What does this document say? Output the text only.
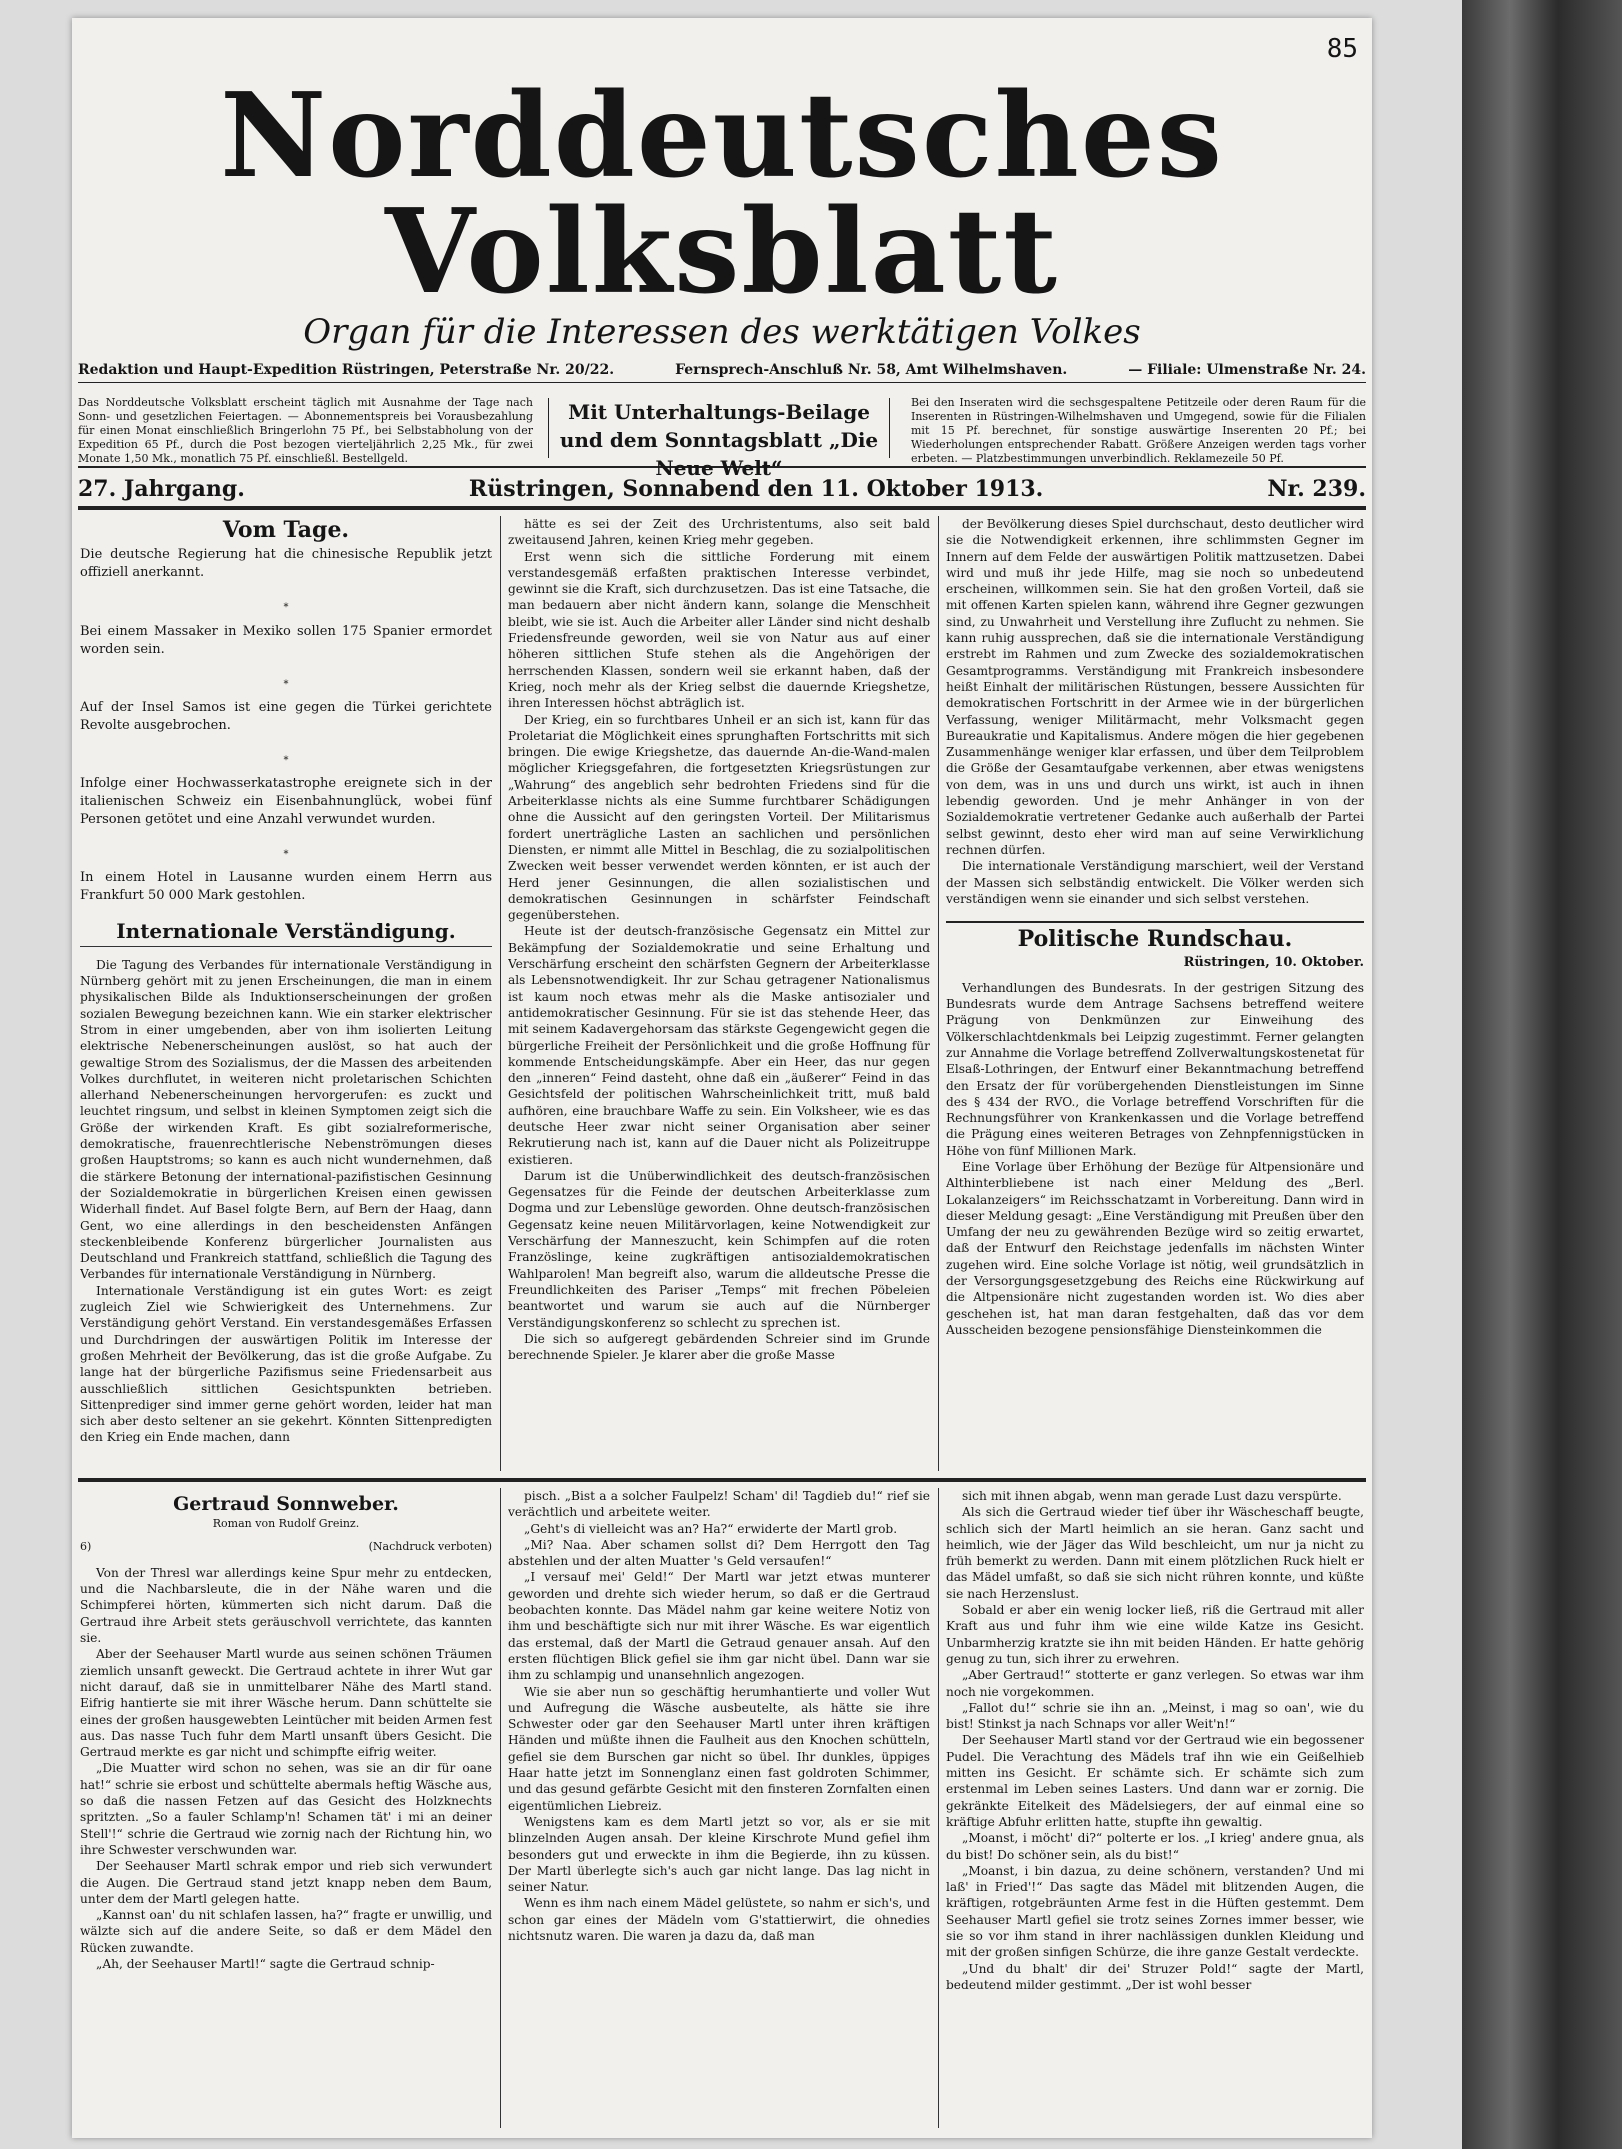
85
Norddeutsches Volksblatt
Organ für die Interessen des werktätigen Volkes
Redaktion und Haupt-Expedition Rüstringen, Peterstraße Nr. 20/22.	Fernsprech-Anschluß Nr. 58, Amt Wilhelmshaven.	— Filiale: Ulmenstraße Nr. 24.
Das Norddeutsche Volksblatt erscheint täglich mit Ausnahme der Tage nach Sonn- und gesetzlichen Feiertagen. — Abonnementspreis bei Vorausbezahlung für einen Monat einschließlich Bringerlohn 75 Pf., bei Selbstabholung von der Expedition 65 Pf., durch die Post bezogen vierteljährlich 2,25 Mk., für zwei Monate 1,50 Mk., monatlich 75 Pf. einschließl. Bestellgeld.
Mit Unterhaltungs-Beilage
und dem Sonntagsblatt „Die Neue Welt“
Bei den Inseraten wird die sechsgespaltene Petitzeile oder deren Raum für die Inserenten in Rüstringen-Wilhelmshaven und Umgegend, sowie für die Filialen mit 15 Pf. berechnet, für sonstige auswärtige Inserenten 20 Pf.; bei Wiederholungen entsprechender Rabatt. Größere Anzeigen werden tags vorher erbeten. — Platzbestimmungen unverbindlich. Reklamezeile 50 Pf.
27. Jahrgang.	Rüstringen, Sonnabend den 11. Oktober 1913.	Nr. 239.
Vom Tage.

Die deutsche Regierung hat die chinesische Republik jetzt offiziell anerkannt.

*

Bei einem Massaker in Mexiko sollen 175 Spanier ermordet worden sein.

*

Auf der Insel Samos ist eine gegen die Türkei gerichtete Revolte ausgebrochen.

*

Infolge einer Hochwasserkatastrophe ereignete sich in der italienischen Schweiz ein Eisenbahnunglück, wobei fünf Personen getötet und eine Anzahl verwundet wurden.

*

In einem Hotel in Lausanne wurden einem Herrn aus Frankfurt 50 000 Mark gestohlen.

Internationale Verständigung.

Die Tagung des Verbandes für internationale Verständigung in Nürnberg gehört mit zu jenen Erscheinungen, die man in einem physikalischen Bilde als Induktionserscheinungen der großen sozialen Bewegung bezeichnen kann. Wie ein starker elektrischer Strom in einer umgebenden, aber von ihm isolierten Leitung elektrische Nebenerscheinungen auslöst, so hat auch der gewaltige Strom des Sozialismus, der die Massen des arbeitenden Volkes durchflutet, in weiteren nicht proletarischen Schichten allerhand Nebenerscheinungen hervorgerufen: es zuckt und leuchtet ringsum, und selbst in kleinen Symptomen zeigt sich die Größe der wirkenden Kraft. Es gibt sozialreformerische, demokratische, frauenrechtlerische Nebenströmungen dieses großen Hauptstroms; so kann es auch nicht wundernehmen, daß die stärkere Betonung der international-pazifistischen Gesinnung der Sozialdemokratie in bürgerlichen Kreisen einen gewissen Widerhall findet. Auf Basel folgte Bern, auf Bern der Haag, dann Gent, wo eine allerdings in den bescheidensten Anfängen steckenbleibende Konferenz bürgerlicher Journalisten aus Deutschland und Frankreich stattfand, schließlich die Tagung des Verbandes für internationale Verständigung in Nürnberg.

Internationale Verständigung ist ein gutes Wort: es zeigt zugleich Ziel wie Schwierigkeit des Unternehmens. Zur Verständigung gehört Verstand. Ein verstandesgemäßes Erfassen und Durchdringen der auswärtigen Politik im Interesse der großen Mehrheit der Bevölkerung, das ist die große Aufgabe. Zu lange hat der bürgerliche Pazifismus seine Friedensarbeit aus ausschließlich sittlichen Gesichtspunkten betrieben. Sittenprediger sind immer gerne gehört worden, leider hat man sich aber desto seltener an sie gekehrt. Könnten Sittenpredigten den Krieg ein Ende machen, dann

hätte es sei der Zeit des Urchristentums, also seit bald zweitausend Jahren, keinen Krieg mehr gegeben.

Erst wenn sich die sittliche Forderung mit einem verstandesgemäß erfaßten praktischen Interesse verbindet, gewinnt sie die Kraft, sich durchzusetzen. Das ist eine Tatsache, die man bedauern aber nicht ändern kann, solange die Menschheit bleibt, wie sie ist. Auch die Arbeiter aller Länder sind nicht deshalb Friedensfreunde geworden, weil sie von Natur aus auf einer höheren sittlichen Stufe stehen als die Angehörigen der herrschenden Klassen, sondern weil sie erkannt haben, daß der Krieg, noch mehr als der Krieg selbst die dauernde Kriegshetze, ihren Interessen höchst abträglich ist.

Der Krieg, ein so furchtbares Unheil er an sich ist, kann für das Proletariat die Möglichkeit eines sprunghaften Fortschritts mit sich bringen. Die ewige Kriegshetze, das dauernde An-die-Wand-malen möglicher Kriegsgefahren, die fortgesetzten Kriegsrüstungen zur „Wahrung“ des angeblich sehr bedrohten Friedens sind für die Arbeiterklasse nichts als eine Summe furchtbarer Schädigungen ohne die Aussicht auf den geringsten Vorteil. Der Militarismus fordert unerträgliche Lasten an sachlichen und persönlichen Diensten, er nimmt alle Mittel in Beschlag, die zu sozialpolitischen Zwecken weit besser verwendet werden könnten, er ist auch der Herd jener Gesinnungen, die allen sozialistischen und demokratischen Gesinnungen in schärfster Feindschaft gegenüberstehen.

Heute ist der deutsch-französische Gegensatz ein Mittel zur Bekämpfung der Sozialdemokratie und seine Erhaltung und Verschärfung erscheint den schärfsten Gegnern der Arbeiterklasse als Lebensnotwendigkeit. Ihr zur Schau getragener Nationalismus ist kaum noch etwas mehr als die Maske antisozialer und antidemokratischer Gesinnung. Für sie ist das stehende Heer, das mit seinem Kadavergehorsam das stärkste Gegengewicht gegen die bürgerliche Freiheit der Persönlichkeit und die große Hoffnung für kommende Entscheidungskämpfe. Aber ein Heer, das nur gegen den „inneren“ Feind dasteht, ohne daß ein „äußerer“ Feind in das Gesichtsfeld der politischen Wahrscheinlichkeit tritt, muß bald aufhören, eine brauchbare Waffe zu sein. Ein Volksheer, wie es das deutsche Heer zwar nicht seiner Organisation aber seiner Rekrutierung nach ist, kann auf die Dauer nicht als Polizeitruppe existieren.

Darum ist die Unüberwindlichkeit des deutsch-französischen Gegensatzes für die Feinde der deutschen Arbeiterklasse zum Dogma und zur Lebenslüge geworden. Ohne deutsch-französischen Gegensatz keine neuen Militärvorlagen, keine Notwendigkeit zur Verschärfung der Manneszucht, kein Schimpfen auf die roten Französlinge, keine zugkräftigen antisozialdemokratischen Wahlparolen! Man begreift also, warum die alldeutsche Presse die Freundlichkeiten des Pariser „Temps“ mit frechen Pöbeleien beantwortet und warum sie auch auf die Nürnberger Verständigungskonferenz so schlecht zu sprechen ist.

Die sich so aufgeregt gebärdenden Schreier sind im Grunde berechnende Spieler. Je klarer aber die große Masse

der Bevölkerung dieses Spiel durchschaut, desto deutlicher wird sie die Notwendigkeit erkennen, ihre schlimmsten Gegner im Innern auf dem Felde der auswärtigen Politik mattzusetzen. Dabei wird und muß ihr jede Hilfe, mag sie noch so unbedeutend erscheinen, willkommen sein. Sie hat den großen Vorteil, daß sie mit offenen Karten spielen kann, während ihre Gegner gezwungen sind, zu Unwahrheit und Verstellung ihre Zuflucht zu nehmen. Sie kann ruhig aussprechen, daß sie die internationale Verständigung erstrebt im Rahmen und zum Zwecke des sozialdemokratischen Gesamtprogramms. Verständigung mit Frankreich insbesondere heißt Einhalt der militärischen Rüstungen, bessere Aussichten für demokratischen Fortschritt in der Armee wie in der bürgerlichen Verfassung, weniger Militärmacht, mehr Volksmacht gegen Bureaukratie und Kapitalismus. Andere mögen die hier gegebenen Zusammenhänge weniger klar erfassen, und über dem Teilproblem die Größe der Gesamtaufgabe verkennen, aber etwas wenigstens von dem, was in uns und durch uns wirkt, ist auch in ihnen lebendig geworden. Und je mehr Anhänger in von der Sozialdemokratie vertretener Gedanke auch außerhalb der Partei selbst gewinnt, desto eher wird man auf seine Verwirklichung rechnen dürfen.

Die internationale Verständigung marschiert, weil der Verstand der Massen sich selbständig entwickelt. Die Völker werden sich verständigen wenn sie einander und sich selbst verstehen.

Politische Rundschau.
Rüstringen, 10. Oktober.

Verhandlungen des Bundesrats. In der gestrigen Sitzung des Bundesrats wurde dem Antrage Sachsens betreffend weitere Prägung von Denkmünzen zur Einweihung des Völkerschlachtdenkmals bei Leipzig zugestimmt. Ferner gelangten zur Annahme die Vorlage betreffend Zollverwaltungskostenetat für Elsaß-Lothringen, der Entwurf einer Bekanntmachung betreffend den Ersatz der für vorübergehenden Dienstleistungen im Sinne des § 434 der RVO., die Vorlage betreffend Vorschriften für die Rechnungsführer von Krankenkassen und die Vorlage betreffend die Prägung eines weiteren Betrages von Zehnpfennigstücken in Höhe von fünf Millionen Mark.

Eine Vorlage über Erhöhung der Bezüge für Altpensionäre und Althinterbliebene ist nach einer Meldung des „Berl. Lokalanzeigers“ im Reichsschatzamt in Vorbereitung. Dann wird in dieser Meldung gesagt: „Eine Verständigung mit Preußen über den Umfang der neu zu gewährenden Bezüge wird so zeitig erwartet, daß der Entwurf den Reichstage jedenfalls im nächsten Winter zugehen wird. Eine solche Vorlage ist nötig, weil grundsätzlich in der Versorgungsgesetzgebung des Reichs eine Rückwirkung auf die Altpensionäre nicht zugestanden worden ist. Wo dies aber geschehen ist, hat man daran festgehalten, daß das vor dem Ausscheiden bezogene pensionsfähige Diensteinkommen die

Gertraud Sonnweber.
Roman von Rudolf Greinz.
6)	(Nachdruck verboten)

Von der Thresl war allerdings keine Spur mehr zu entdecken, und die Nachbarsleute, die in der Nähe waren und die Schimpferei hörten, kümmerten sich nicht darum. Daß die Gertraud ihre Arbeit stets geräuschvoll verrichtete, das kannten sie.

Aber der Seehauser Martl wurde aus seinen schönen Träumen ziemlich unsanft geweckt. Die Gertraud achtete in ihrer Wut gar nicht darauf, daß sie in unmittelbarer Nähe des Martl stand. Eifrig hantierte sie mit ihrer Wäsche herum. Dann schüttelte sie eines der großen hausgewebten Leintücher mit beiden Armen fest aus. Das nasse Tuch fuhr dem Martl unsanft übers Gesicht. Die Gertraud merkte es gar nicht und schimpfte eifrig weiter.

„Die Muatter wird schon no sehen, was sie an dir für oane hat!“ schrie sie erbost und schüttelte abermals heftig Wäsche aus, so daß die nassen Fetzen auf das Gesicht des Holzknechts spritzten. „So a fauler Schlamp'n! Schamen tät' i mi an deiner Stell'!“ schrie die Gertraud wie zornig nach der Richtung hin, wo ihre Schwester verschwunden war.

Der Seehauser Martl schrak empor und rieb sich verwundert die Augen. Die Gertraud stand jetzt knapp neben dem Baum, unter dem der Martl gelegen hatte.

„Kannst oan' du nit schlafen lassen, ha?“ fragte er unwillig, und wälzte sich auf die andere Seite, so daß er dem Mädel den Rücken zuwandte.

„Ah, der Seehauser Martl!“ sagte die Gertraud schnip-

pisch. „Bist a a solcher Faulpelz! Scham' di! Tagdieb du!“ rief sie verächtlich und arbeitete weiter.

„Geht's di vielleicht was an? Ha?“ erwiderte der Martl grob.

„Mi? Naa. Aber schamen sollst di? Dem Herrgott den Tag abstehlen und der alten Muatter 's Geld versaufen!“

„I versauf mei' Geld!“ Der Martl war jetzt etwas munterer geworden und drehte sich wieder herum, so daß er die Gertraud beobachten konnte. Das Mädel nahm gar keine weitere Notiz von ihm und beschäftigte sich nur mit ihrer Wäsche. Es war eigentlich das erstemal, daß der Martl die Getraud genauer ansah. Auf den ersten flüchtigen Blick gefiel sie ihm gar nicht übel. Dann war sie ihm zu schlampig und unansehnlich angezogen.

Wie sie aber nun so geschäftig herumhantierte und voller Wut und Aufregung die Wäsche ausbeutelte, als hätte sie ihre Schwester oder gar den Seehauser Martl unter ihren kräftigen Händen und müßte ihnen die Faulheit aus den Knochen schütteln, gefiel sie dem Burschen gar nicht so übel. Ihr dunkles, üppiges Haar hatte jetzt im Sonnenglanz einen fast goldroten Schimmer, und das gesund gefärbte Gesicht mit den finsteren Zornfalten einen eigentümlichen Liebreiz.

Wenigstens kam es dem Martl jetzt so vor, als er sie mit blinzelnden Augen ansah. Der kleine Kirschrote Mund gefiel ihm besonders gut und erweckte in ihm die Begierde, ihn zu küssen. Der Martl überlegte sich's auch gar nicht lange. Das lag nicht in seiner Natur.

Wenn es ihm nach einem Mädel gelüstete, so nahm er sich's, und schon gar eines der Mädeln vom G'stattierwirt, die ohnedies nichtsnutz waren. Die waren ja dazu da, daß man

sich mit ihnen abgab, wenn man gerade Lust dazu verspürte.

Als sich die Gertraud wieder tief über ihr Wäscheschaff beugte, schlich sich der Martl heimlich an sie heran. Ganz sacht und heimlich, wie der Jäger das Wild beschleicht, um nur ja nicht zu früh bemerkt zu werden. Dann mit einem plötzlichen Ruck hielt er das Mädel umfaßt, so daß sie sich nicht rühren konnte, und küßte sie nach Herzenslust.

Sobald er aber ein wenig locker ließ, riß die Gertraud mit aller Kraft aus und fuhr ihm wie eine wilde Katze ins Gesicht. Unbarmherzig kratzte sie ihn mit beiden Händen. Er hatte gehörig genug zu tun, sich ihrer zu erwehren.

„Aber Gertraud!“ stotterte er ganz verlegen. So etwas war ihm noch nie vorgekommen.

„Fallot du!“ schrie sie ihn an. „Meinst, i mag so oan', wie du bist! Stinkst ja nach Schnaps vor aller Weit'n!“

Der Seehauser Martl stand vor der Gertraud wie ein begossener Pudel. Die Verachtung des Mädels traf ihn wie ein Geißelhieb mitten ins Gesicht. Er schämte sich. Er schämte sich zum erstenmal im Leben seines Lasters. Und dann war er zornig. Die gekränkte Eitelkeit des Mädelsiegers, der auf einmal eine so kräftige Abfuhr erlitten hatte, stupfte ihn gewaltig.

„Moanst, i möcht' di?“ polterte er los. „I krieg' andere gnua, als du bist! Do schöner sein, als du bist!“

„Moanst, i bin dazua, zu deine schönern, verstanden? Und mi laß' in Fried'!“ Das sagte das Mädel mit blitzenden Augen, die kräftigen, rotgebräunten Arme fest in die Hüften gestemmt. Dem Seehauser Martl gefiel sie trotz seines Zornes immer besser, wie sie so vor ihm stand in ihrer nachlässigen dunklen Kleidung und mit der großen sinfigen Schürze, die ihre ganze Gestalt verdeckte.

„Und du bhalt' dir dei' Struzer Pold!“ sagte der Martl, bedeutend milder gestimmt. „Der ist wohl besser
